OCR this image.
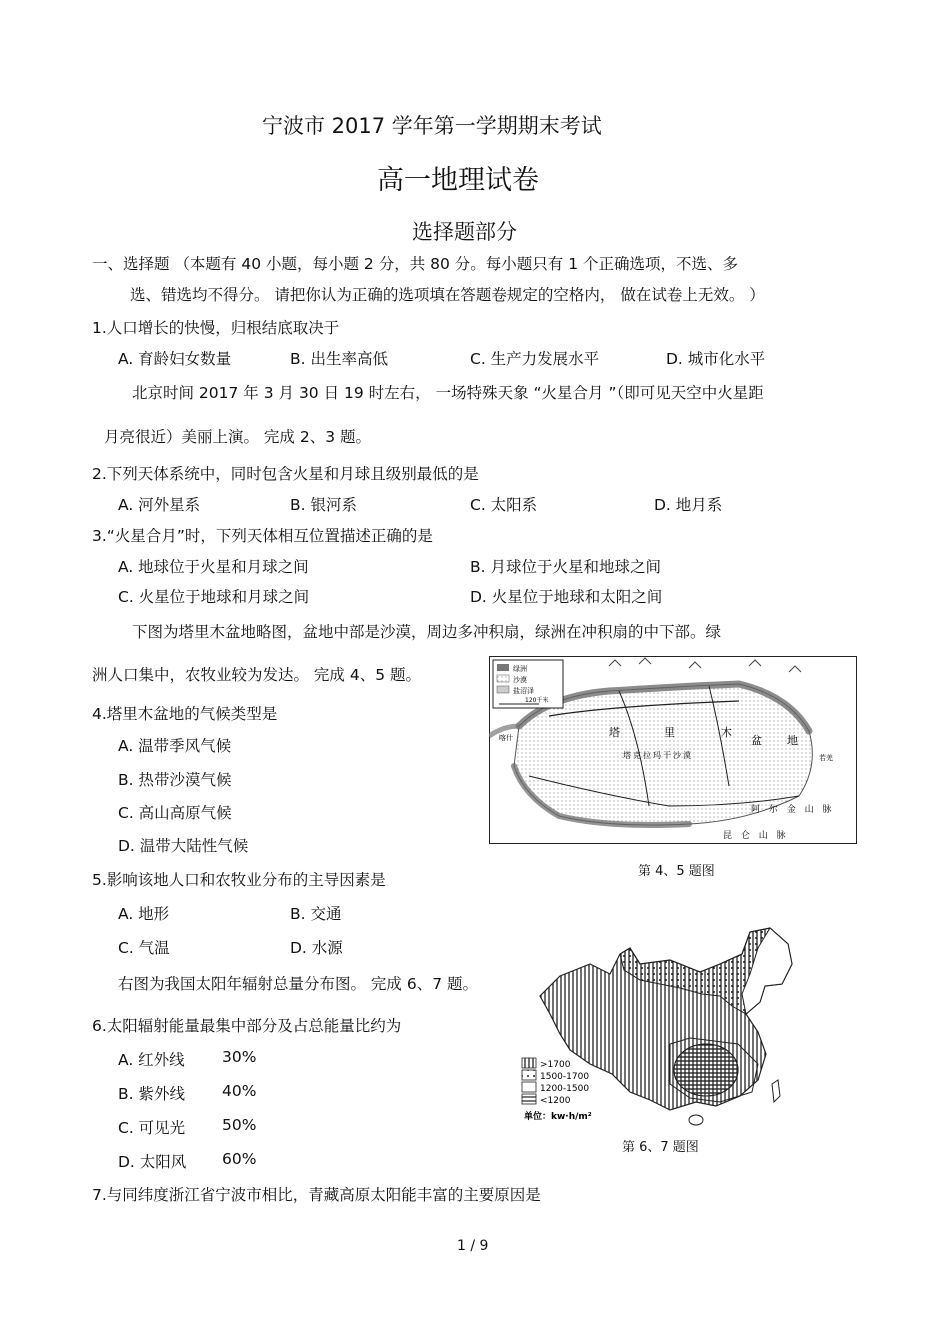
宁波市 2017 学年第一学期期末考试
高一地理试卷
选择题部分
一、选择题 （本题有 40 小题，每小题 2 分，共 80 分。每小题只有 1 个正确选项，不选、多
选、错选均不得分。 请把你认为正确的选项填在答题卷规定的空格内， 做在试卷上无效。 ）
1.人口增长的快慢，归根结底取决于
A. 育龄妇女数量	B. 出生率高低	C. 生产力发展水平	D. 城市化水平
北京时间 2017 年 3 月 30 日 19 时左右， 一场特殊天象 “火星合月 ”（即可见天空中火星距
月亮很近）美丽上演。 完成 2、3 题。
2.下列天体系统中，同时包含火星和月球且级别最低的是
A. 河外星系	B. 银河系	C. 太阳系	D. 地月系
3.“火星合月”时，下列天体相互位置描述正确的是
A. 地球位于火星和月球之间	B. 月球位于火星和地球之间
C. 火星位于地球和月球之间	D. 火星位于地球和太阳之间
下图为塔里木盆地略图，盆地中部是沙漠，周边多冲积扇，绿洲在冲积扇的中下部。绿
洲人口集中，农牧业较为发达。 完成 4、5 题。
4.塔里木盆地的气候类型是
A. 温带季风气候
B. 热带沙漠气候
C. 高山高原气候
D. 温带大陆性气候
绿洲
沙漠
盐沼泽
120千米
塔	里	木
盆 地
塔克拉玛干沙漠
昆 仑 山 脉
阿 尔 金 山 脉
喀什
若羌
第 4、5 题图
5.影响该地人口和农牧业分布的主导因素是
A. 地形	B. 交通
C. 气温	D. 水源
右图为我国太阳年辐射总量分布图。 完成 6、7 题。
>1700
1500-1700
1200-1500
<1200
单位：kw·h/m²
第 6、7 题图
6.太阳辐射能量最集中部分及占总能量比约为
A. 红外线 30%
B. 紫外线 40%
C. 可见光 50%
D. 太阳风 60%
7.与同纬度浙江省宁波市相比，青藏高原太阳能丰富的主要原因是
1 / 9
